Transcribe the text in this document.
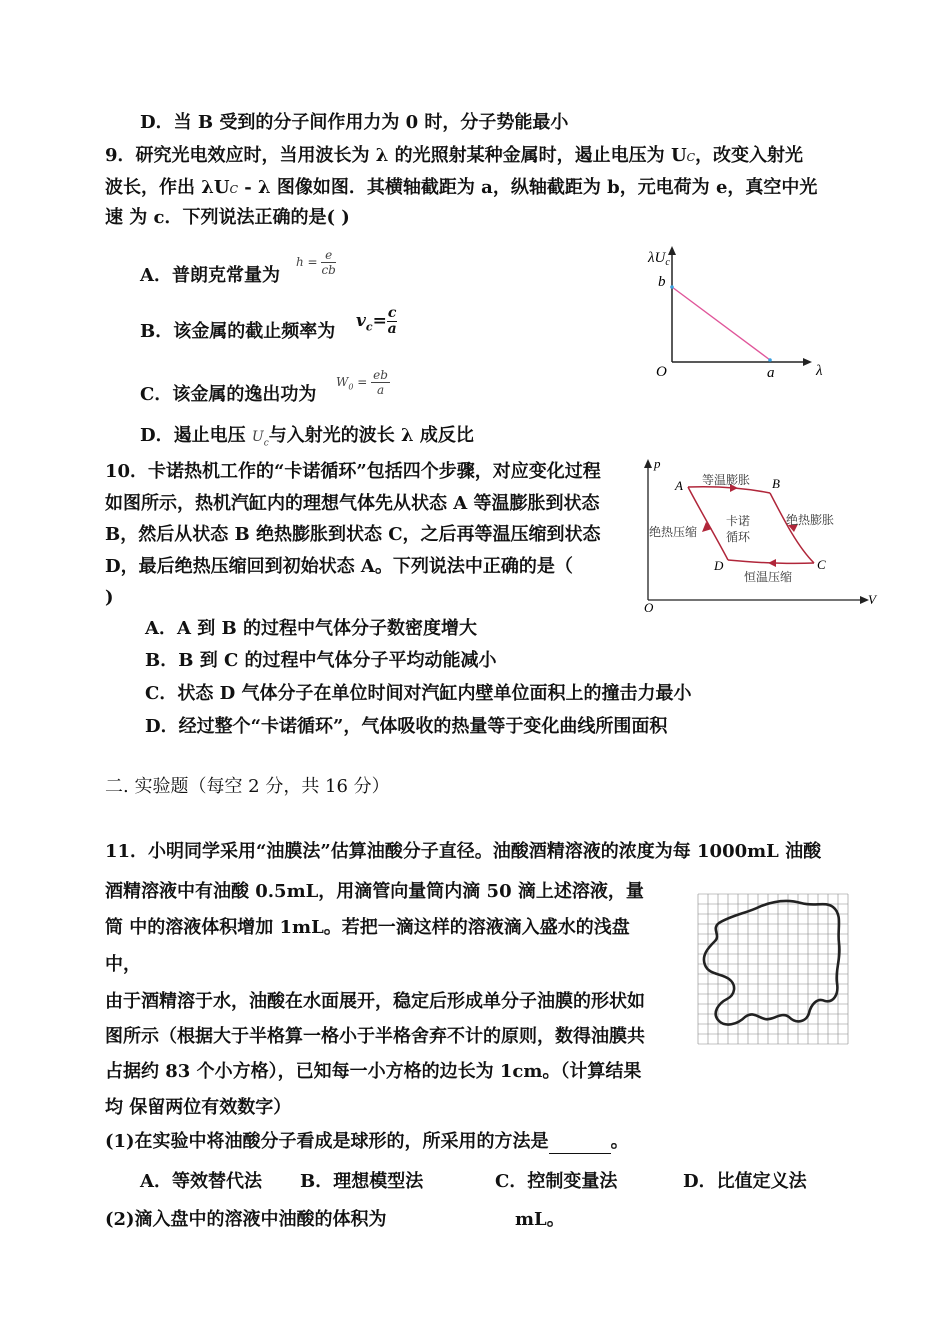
D．当 B 受到的分子间作用力为 0 时，分子势能最小
9．研究光电效应时，当用波长为 λ 的光照射某种金属时，遏止电压为 UC，改变入射光
波长，作出 λUC - λ 图像如图．其横轴截距为 a，纵轴截距为 b，元电荷为 e，真空中光
速 为 c．下列说法正确的是( )
A．普朗克常量为
$h = \frac{e}{cb}$
B．该金属的截止频率为 $v_c= \frac{c}{a}$
C．该金属的逸出功为
$W_0 = \frac{eb}{a}$
D．遏止电压 $U_c$与入射光的波长 λ 成反比
$\lambda U_c$
b
O	a	λ
10．卡诺热机工作的“卡诺循环”包括四个步骤，对应变化过程
如图所示，热机汽缸内的理想气体先从状态 A 等温膨胀到状态
B，然后从状态 B 绝热膨胀到状态 C，之后再等温压缩到状态
D，最后绝热压缩回到初始状态 A。下列说法中正确的是（
)
A．A 到 B 的过程中气体分子数密度增大
B．B 到 C 的过程中气体分子平均动能减小
C．状态 D 气体分子在单位时间对汽缸内壁单位面积上的撞击力最小
D．经过整个“卡诺循环”，气体吸收的热量等于变化曲线所围面积
p
V
O
A	B
C
D
等温膨胀
绝热膨胀
恒温压缩
绝热压缩
卡诺
循环
二. 实验题（每空 2 分，共 16 分）
11．小明同学采用“油膜法”估算油酸分子直径。油酸酒精溶液的浓度为每 1000mL 油酸
酒精溶液中有油酸 0.5mL，用滴管向量筒内滴 50 滴上述溶液，量
筒 中的溶液体积增加 1mL。若把一滴这样的溶液滴入盛水的浅盘
中，
由于酒精溶于水，油酸在水面展开，稳定后形成单分子油膜的形状如
图所示（根据大于半格算一格小于半格舍弃不计的原则，数得油膜共
占据约 83 个小方格），已知每一小方格的边长为 1cm。（计算结果
均 保留两位有效数字）
(1)在实验中将油酸分子看成是球形的，所采用的方法是	。
A．等效替代法 B．理想模型法	C．控制变量法	D．比值定义法
(2)滴入盘中的溶液中油酸的体积为	mL。
